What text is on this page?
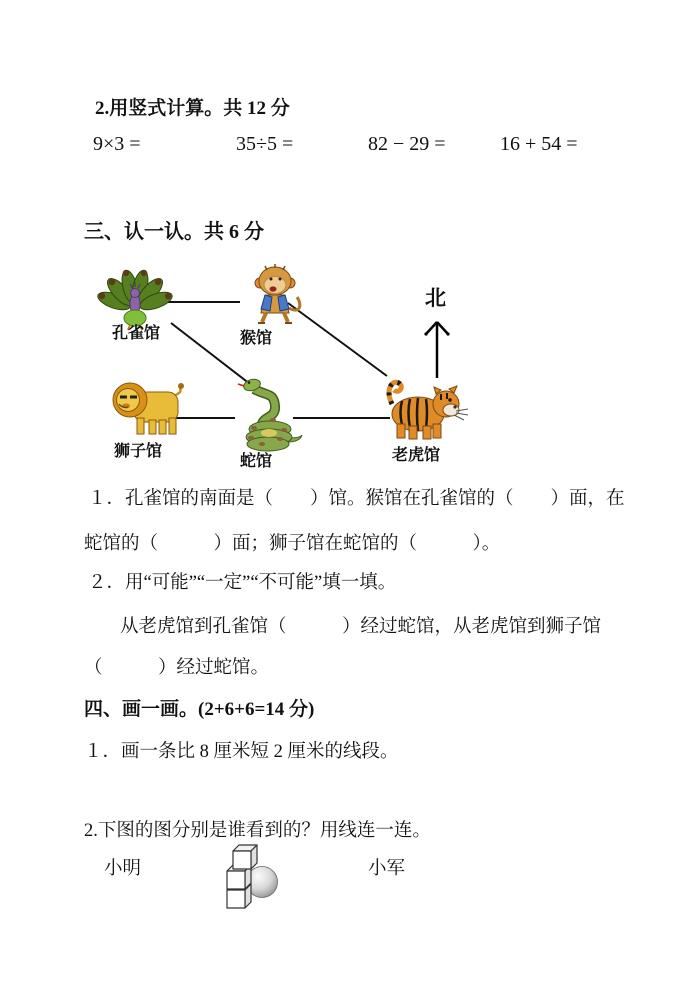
2.用竖式计算。共 12 分
9×3 =	35÷5 =	82 − 29 =	16 + 54 =
三、认一认。共 6 分
孔雀馆	猴馆
狮子馆
蛇馆	老虎馆
北
１．孔雀馆的南面是（　　）馆。猴馆在孔雀馆的（　　）面，在
蛇馆的（　　　）面；狮子馆在蛇馆的（　　　）。
２．用“可能”“一定”“不可能”填一填。
从老虎馆到孔雀馆（　　　）经过蛇馆，从老虎馆到狮子馆
（　　　）经过蛇馆。
四、画一画。(2+6+6=14 分)
１．画一条比 8 厘米短 2 厘米的线段。
2.下图的图分别是谁看到的？用线连一连。
小明	小军
